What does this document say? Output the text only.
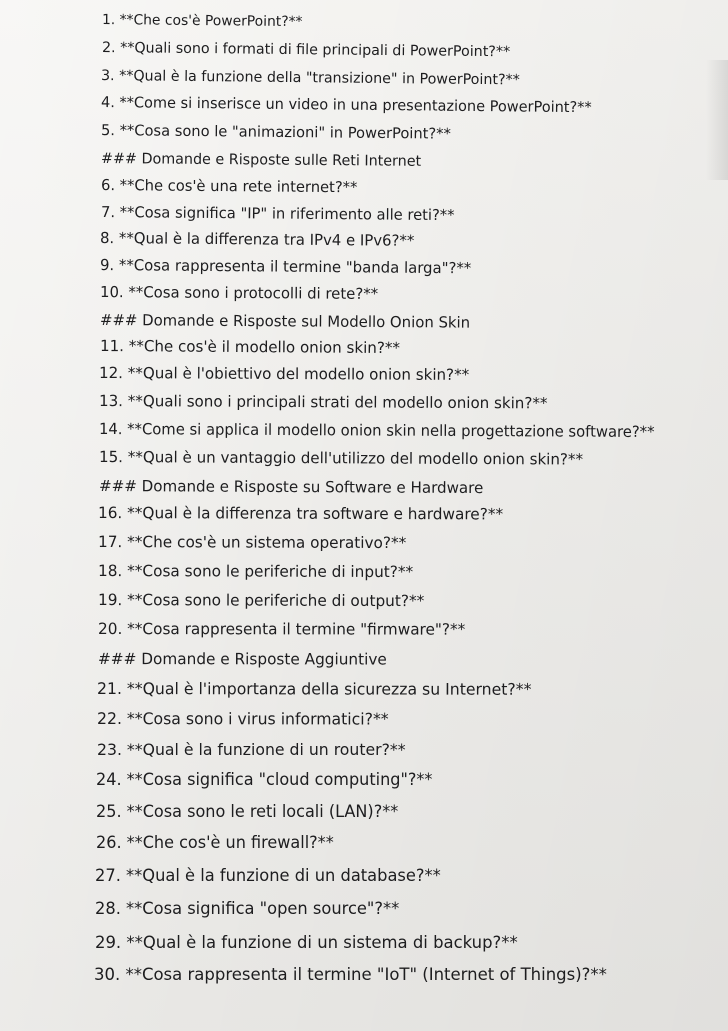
1. **Che cos'è PowerPoint?**
2. **Quali sono i formati di file principali di PowerPoint?**
3. **Qual è la funzione della "transizione" in PowerPoint?**
4. **Come si inserisce un video in una presentazione PowerPoint?**
5. **Cosa sono le "animazioni" in PowerPoint?**
### Domande e Risposte sulle Reti Internet
6. **Che cos'è una rete internet?**
7. **Cosa significa "IP" in riferimento alle reti?**
8. **Qual è la differenza tra IPv4 e IPv6?**
9. **Cosa rappresenta il termine "banda larga"?**
10. **Cosa sono i protocolli di rete?**
### Domande e Risposte sul Modello Onion Skin
11. **Che cos'è il modello onion skin?**
12. **Qual è l'obiettivo del modello onion skin?**
13. **Quali sono i principali strati del modello onion skin?**
14. **Come si applica il modello onion skin nella progettazione software?**
15. **Qual è un vantaggio dell'utilizzo del modello onion skin?**
### Domande e Risposte su Software e Hardware
16. **Qual è la differenza tra software e hardware?**
17. **Che cos'è un sistema operativo?**
18. **Cosa sono le periferiche di input?**
19. **Cosa sono le periferiche di output?**
20. **Cosa rappresenta il termine "firmware"?**
### Domande e Risposte Aggiuntive
21. **Qual è l'importanza della sicurezza su Internet?**
22. **Cosa sono i virus informatici?**
23. **Qual è la funzione di un router?**
24. **Cosa significa "cloud computing"?**
25. **Cosa sono le reti locali (LAN)?**
26. **Che cos'è un firewall?**
27. **Qual è la funzione di un database?**
28. **Cosa significa "open source"?**
29. **Qual è la funzione di un sistema di backup?**
30. **Cosa rappresenta il termine "IoT" (Internet of Things)?**
